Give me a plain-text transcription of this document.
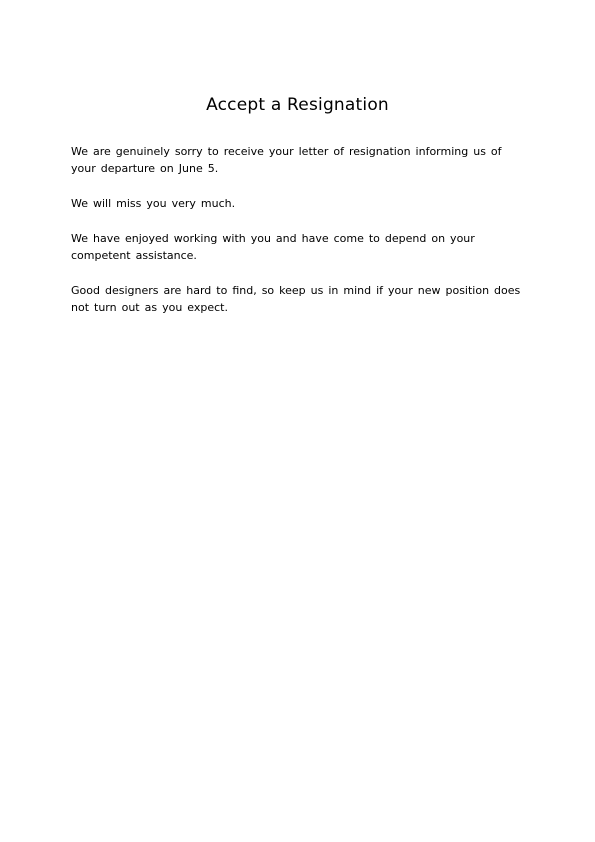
Accept a Resignation

We are genuinely sorry to receive your letter of resignation informing us of your departure on June 5.

We will miss you very much.

We have enjoyed working with you and have come to depend on your competent assistance.

Good designers are hard to find, so keep us in mind if your new position does not turn out as you expect.
